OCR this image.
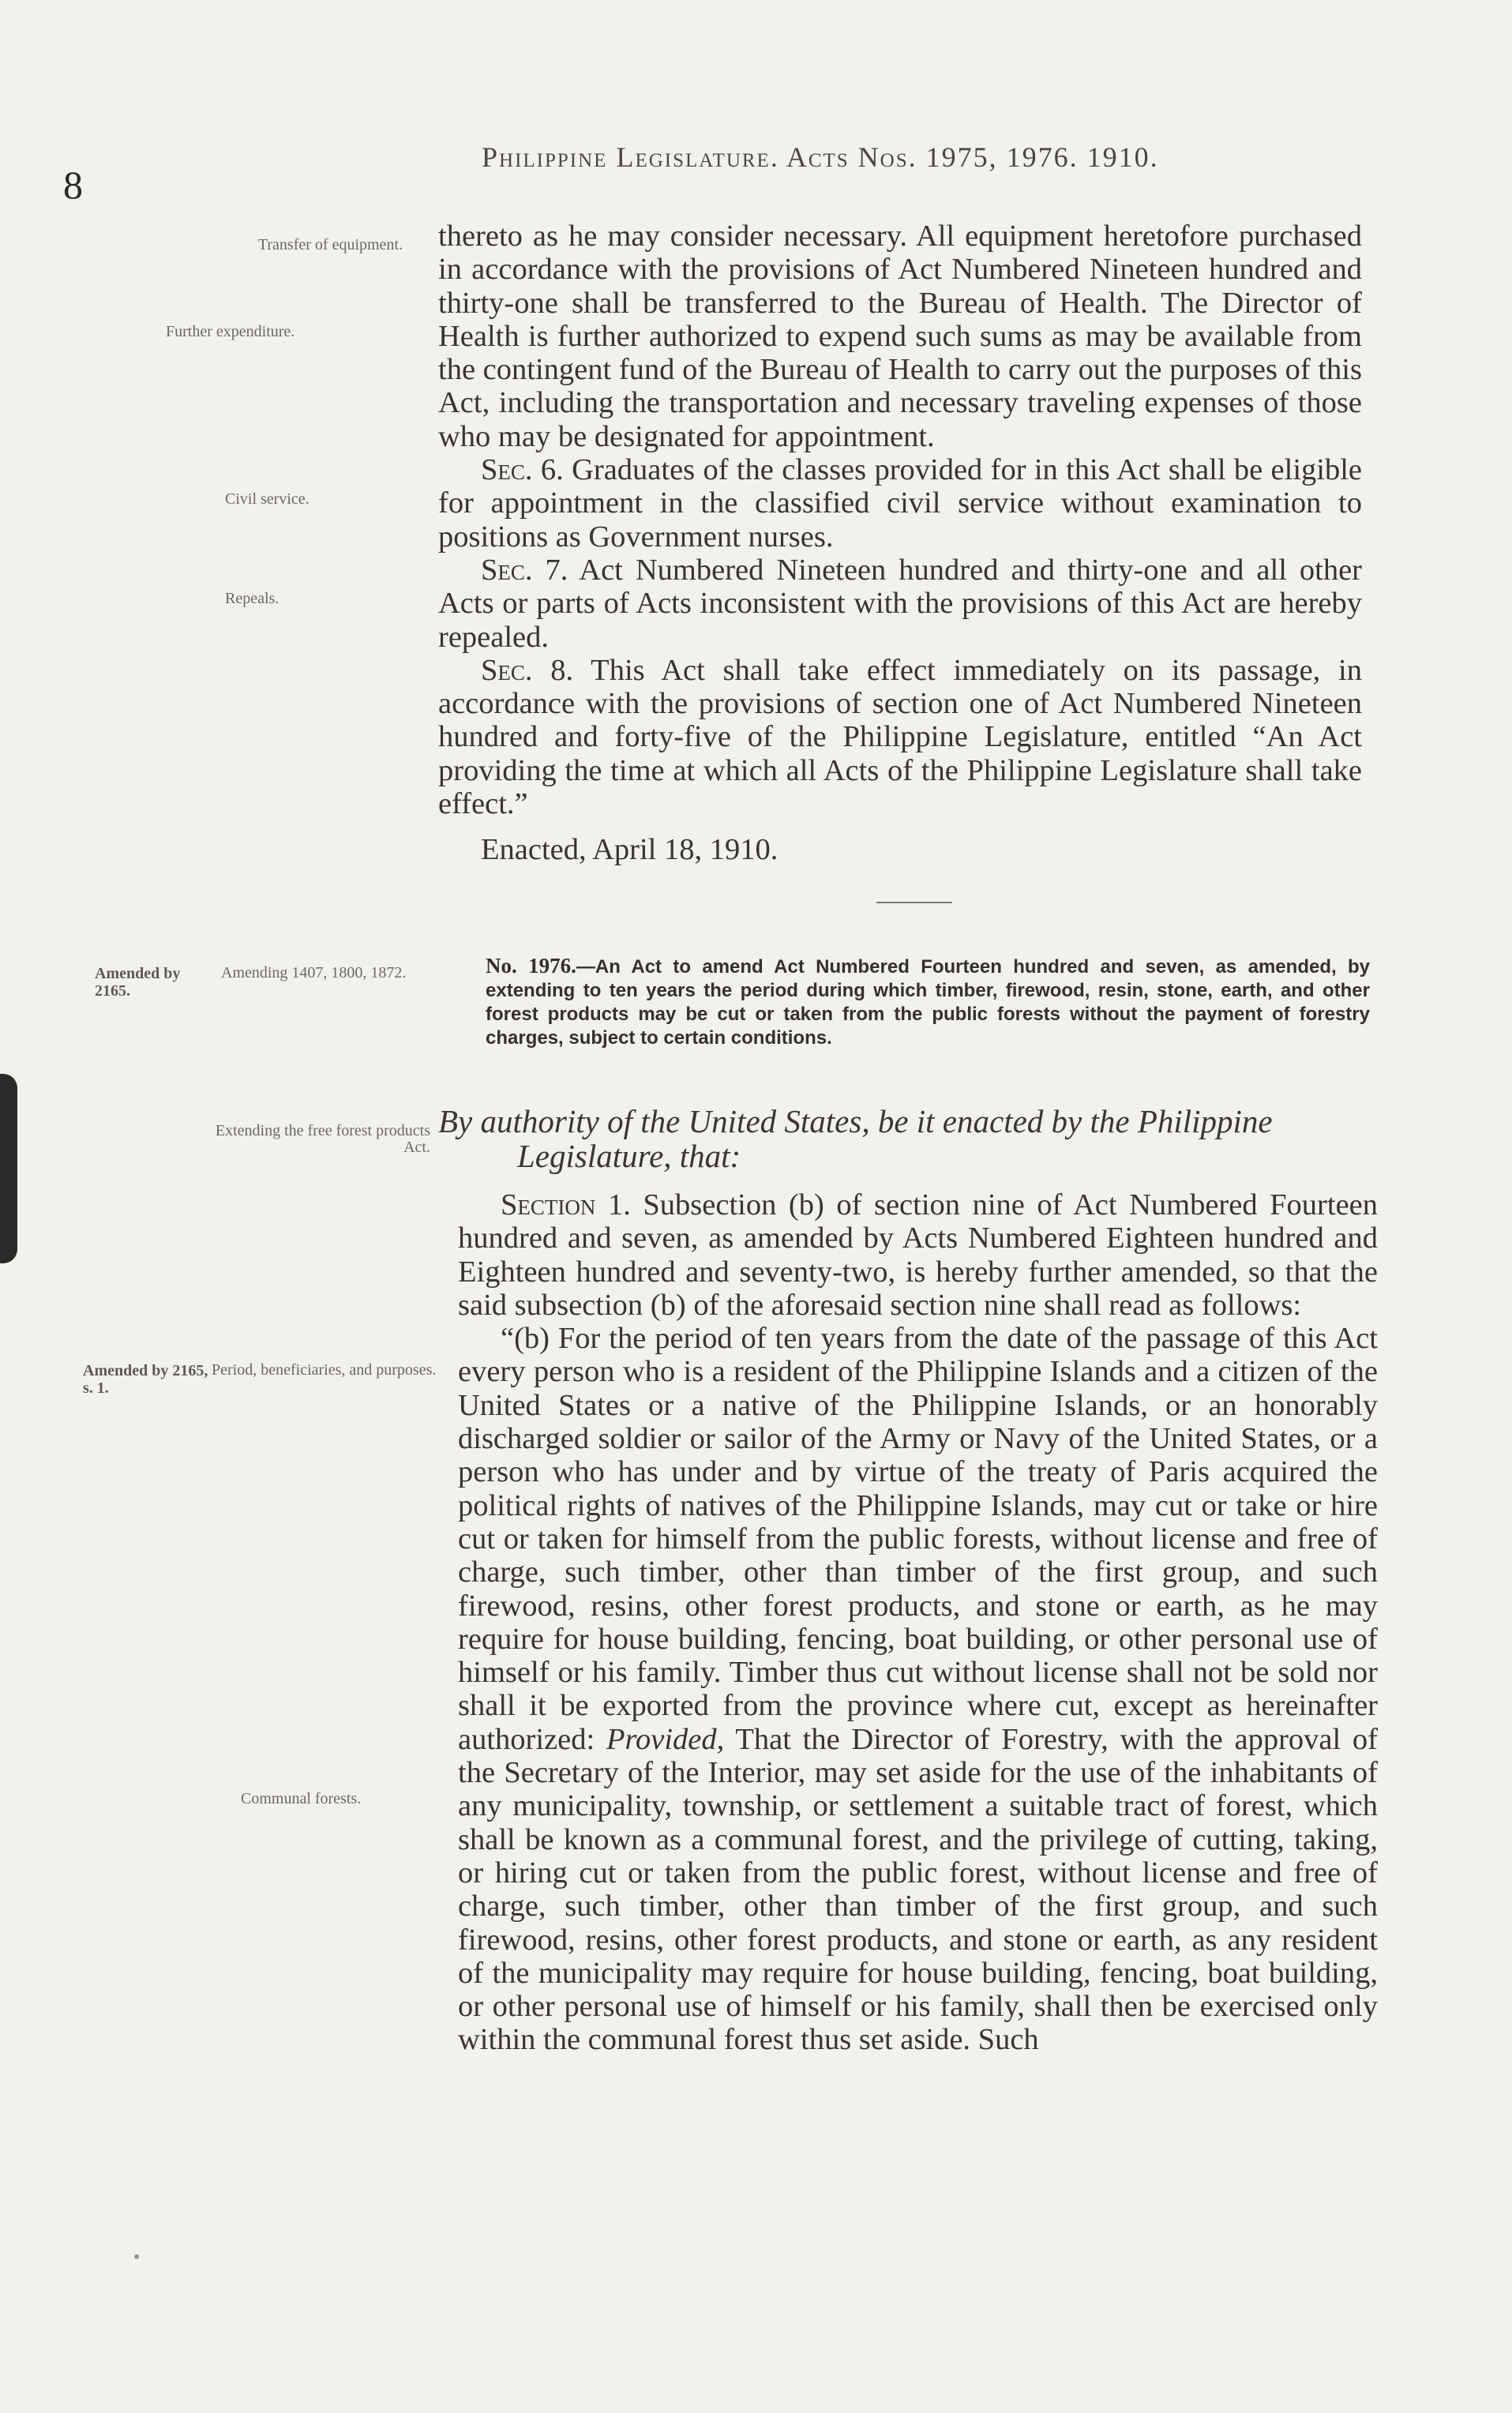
8
Philippine Legislature. Acts Nos. 1975, 1976. 1910.
Transfer of equipment.
Further expenditure.
Civil service.
Repeals.
Amended by 2165.
Amending 1407, 1800, 1872.
Extending the free forest products Act.
Amended by 2165, s. 1.
Period, beneficiaries, and purposes.
Communal forests.

thereto as he may consider necessary. All equipment heretofore purchased in accordance with the provisions of Act Numbered Nineteen hundred and thirty-one shall be transferred to the Bureau of Health. The Director of Health is further authorized to expend such sums as may be available from the contingent fund of the Bureau of Health to carry out the purposes of this Act, including the transportation and necessary traveling expenses of those who may be designated for appointment.

Sec. 6. Graduates of the classes provided for in this Act shall be eligible for appointment in the classified civil service without examination to positions as Government nurses.

Sec. 7. Act Numbered Nineteen hundred and thirty-one and all other Acts or parts of Acts inconsistent with the provisions of this Act are hereby repealed.

Sec. 8. This Act shall take effect immediately on its passage, in accordance with the provisions of section one of Act Numbered Nineteen hundred and forty-five of the Philippine Legislature, entitled “An Act providing the time at which all Acts of the Philippine Legislature shall take effect.”

Enacted, April 18, 1910.

No. 1976.—An Act to amend Act Numbered Fourteen hundred and seven, as amended, by extending to ten years the period during which timber, firewood, resin, stone, earth, and other forest products may be cut or taken from the public forests without the payment of forestry charges, subject to certain conditions.
By authority of the United States, be it enacted by the Philippine
Legislature, that:

Section 1. Subsection (b) of section nine of Act Numbered Fourteen hundred and seven, as amended by Acts Numbered Eighteen hundred and Eighteen hundred and seventy-two, is hereby further amended, so that the said subsection (b) of the aforesaid section nine shall read as follows:

“(b) For the period of ten years from the date of the passage of this Act every person who is a resident of the Philippine Islands and a citizen of the United States or a native of the Philippine Islands, or an honorably discharged soldier or sailor of the Army or Navy of the United States, or a person who has under and by virtue of the treaty of Paris acquired the political rights of natives of the Philippine Islands, may cut or take or hire cut or taken for himself from the public forests, without license and free of charge, such timber, other than timber of the first group, and such firewood, resins, other forest products, and stone or earth, as he may require for house building, fencing, boat building, or other personal use of himself or his family. Timber thus cut without license shall not be sold nor shall it be exported from the province where cut, except as hereinafter authorized: Provided, That the Director of Forestry, with the approval of the Secretary of the Interior, may set aside for the use of the inhabitants of any municipality, township, or settlement a suitable tract of forest, which shall be known as a communal forest, and the privilege of cutting, taking, or hiring cut or taken from the public forest, without license and free of charge, such timber, other than timber of the first group, and such firewood, resins, other forest products, and stone or earth, as any resident of the municipality may require for house building, fencing, boat building, or other personal use of himself or his family, shall then be exercised only within the communal forest thus set aside. Such
